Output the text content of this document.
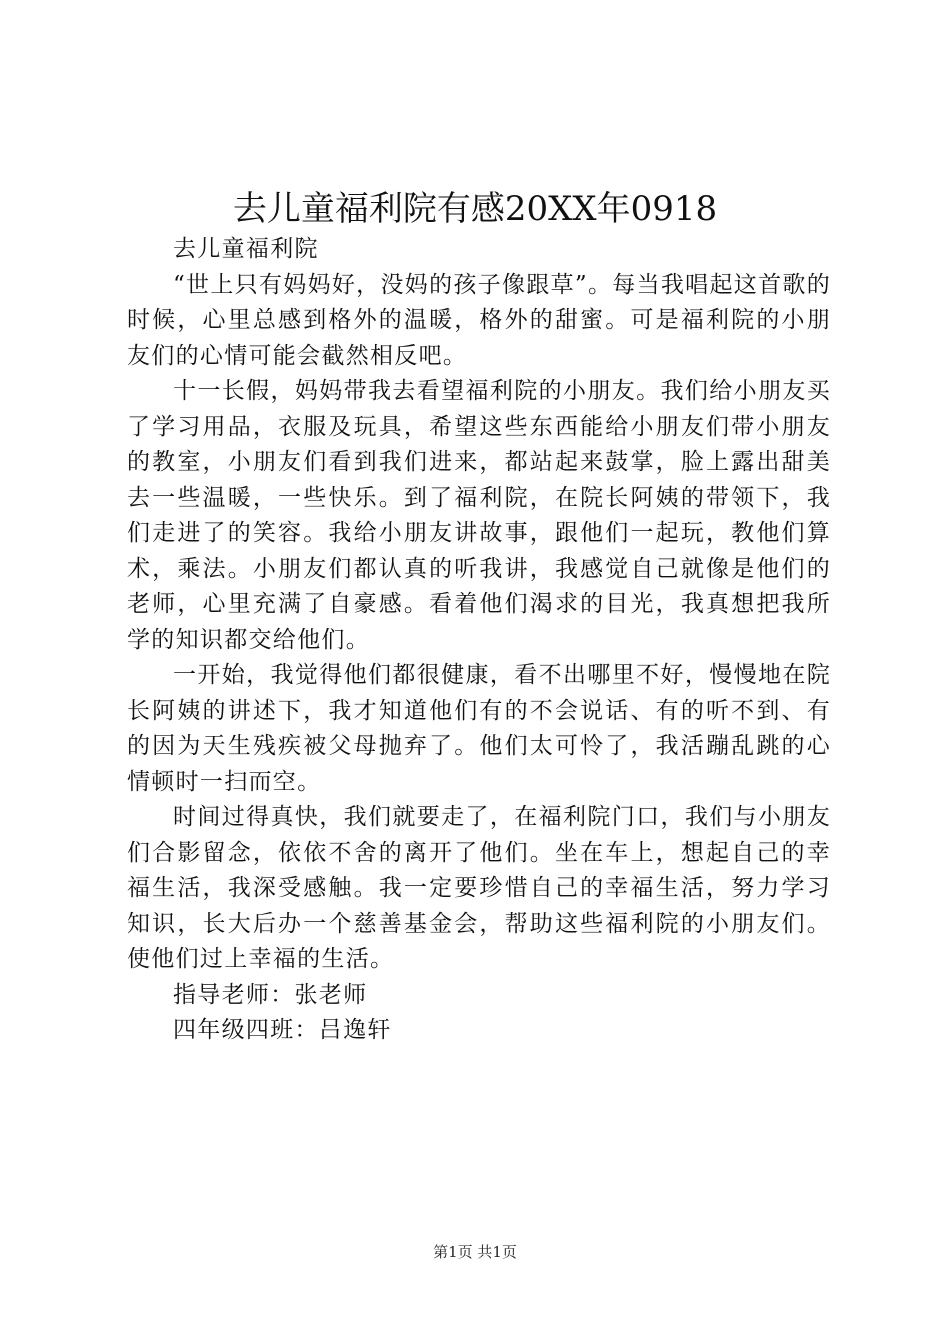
去儿童福利院有感20XX年0918

去儿童福利院

“世上只有妈妈好，没妈的孩子像跟草”。每当我唱起这首歌的时候，心里总感到格外的温暖，格外的甜蜜。可是福利院的小朋友们的心情可能会截然相反吧。

十一长假，妈妈带我去看望福利院的小朋友。我们给小朋友买了学习用品，衣服及玩具，希望这些东西能给小朋友们带小朋友的教室，小朋友们看到我们进来，都站起来鼓掌，脸上露出甜美去一些温暖，一些快乐。到了福利院，在院长阿姨的带领下，我们走进了的笑容。我给小朋友讲故事，跟他们一起玩，教他们算术，乘法。小朋友们都认真的听我讲，我感觉自己就像是他们的老师，心里充满了自豪感。看着他们渴求的目光，我真想把我所学的知识都交给他们。

一开始，我觉得他们都很健康，看不出哪里不好，慢慢地在院长阿姨的讲述下，我才知道他们有的不会说话、有的听不到、有的因为天生残疾被父母抛弃了。他们太可怜了，我活蹦乱跳的心情顿时一扫而空。

时间过得真快，我们就要走了，在福利院门口，我们与小朋友们合影留念，依依不舍的离开了他们。坐在车上，想起自己的幸福生活，我深受感触。我一定要珍惜自己的幸福生活，努力学习知识，长大后办一个慈善基金会，帮助这些福利院的小朋友们。使他们过上幸福的生活。

指导老师：张老师

四年级四班：吕逸轩

第1页 共1页
